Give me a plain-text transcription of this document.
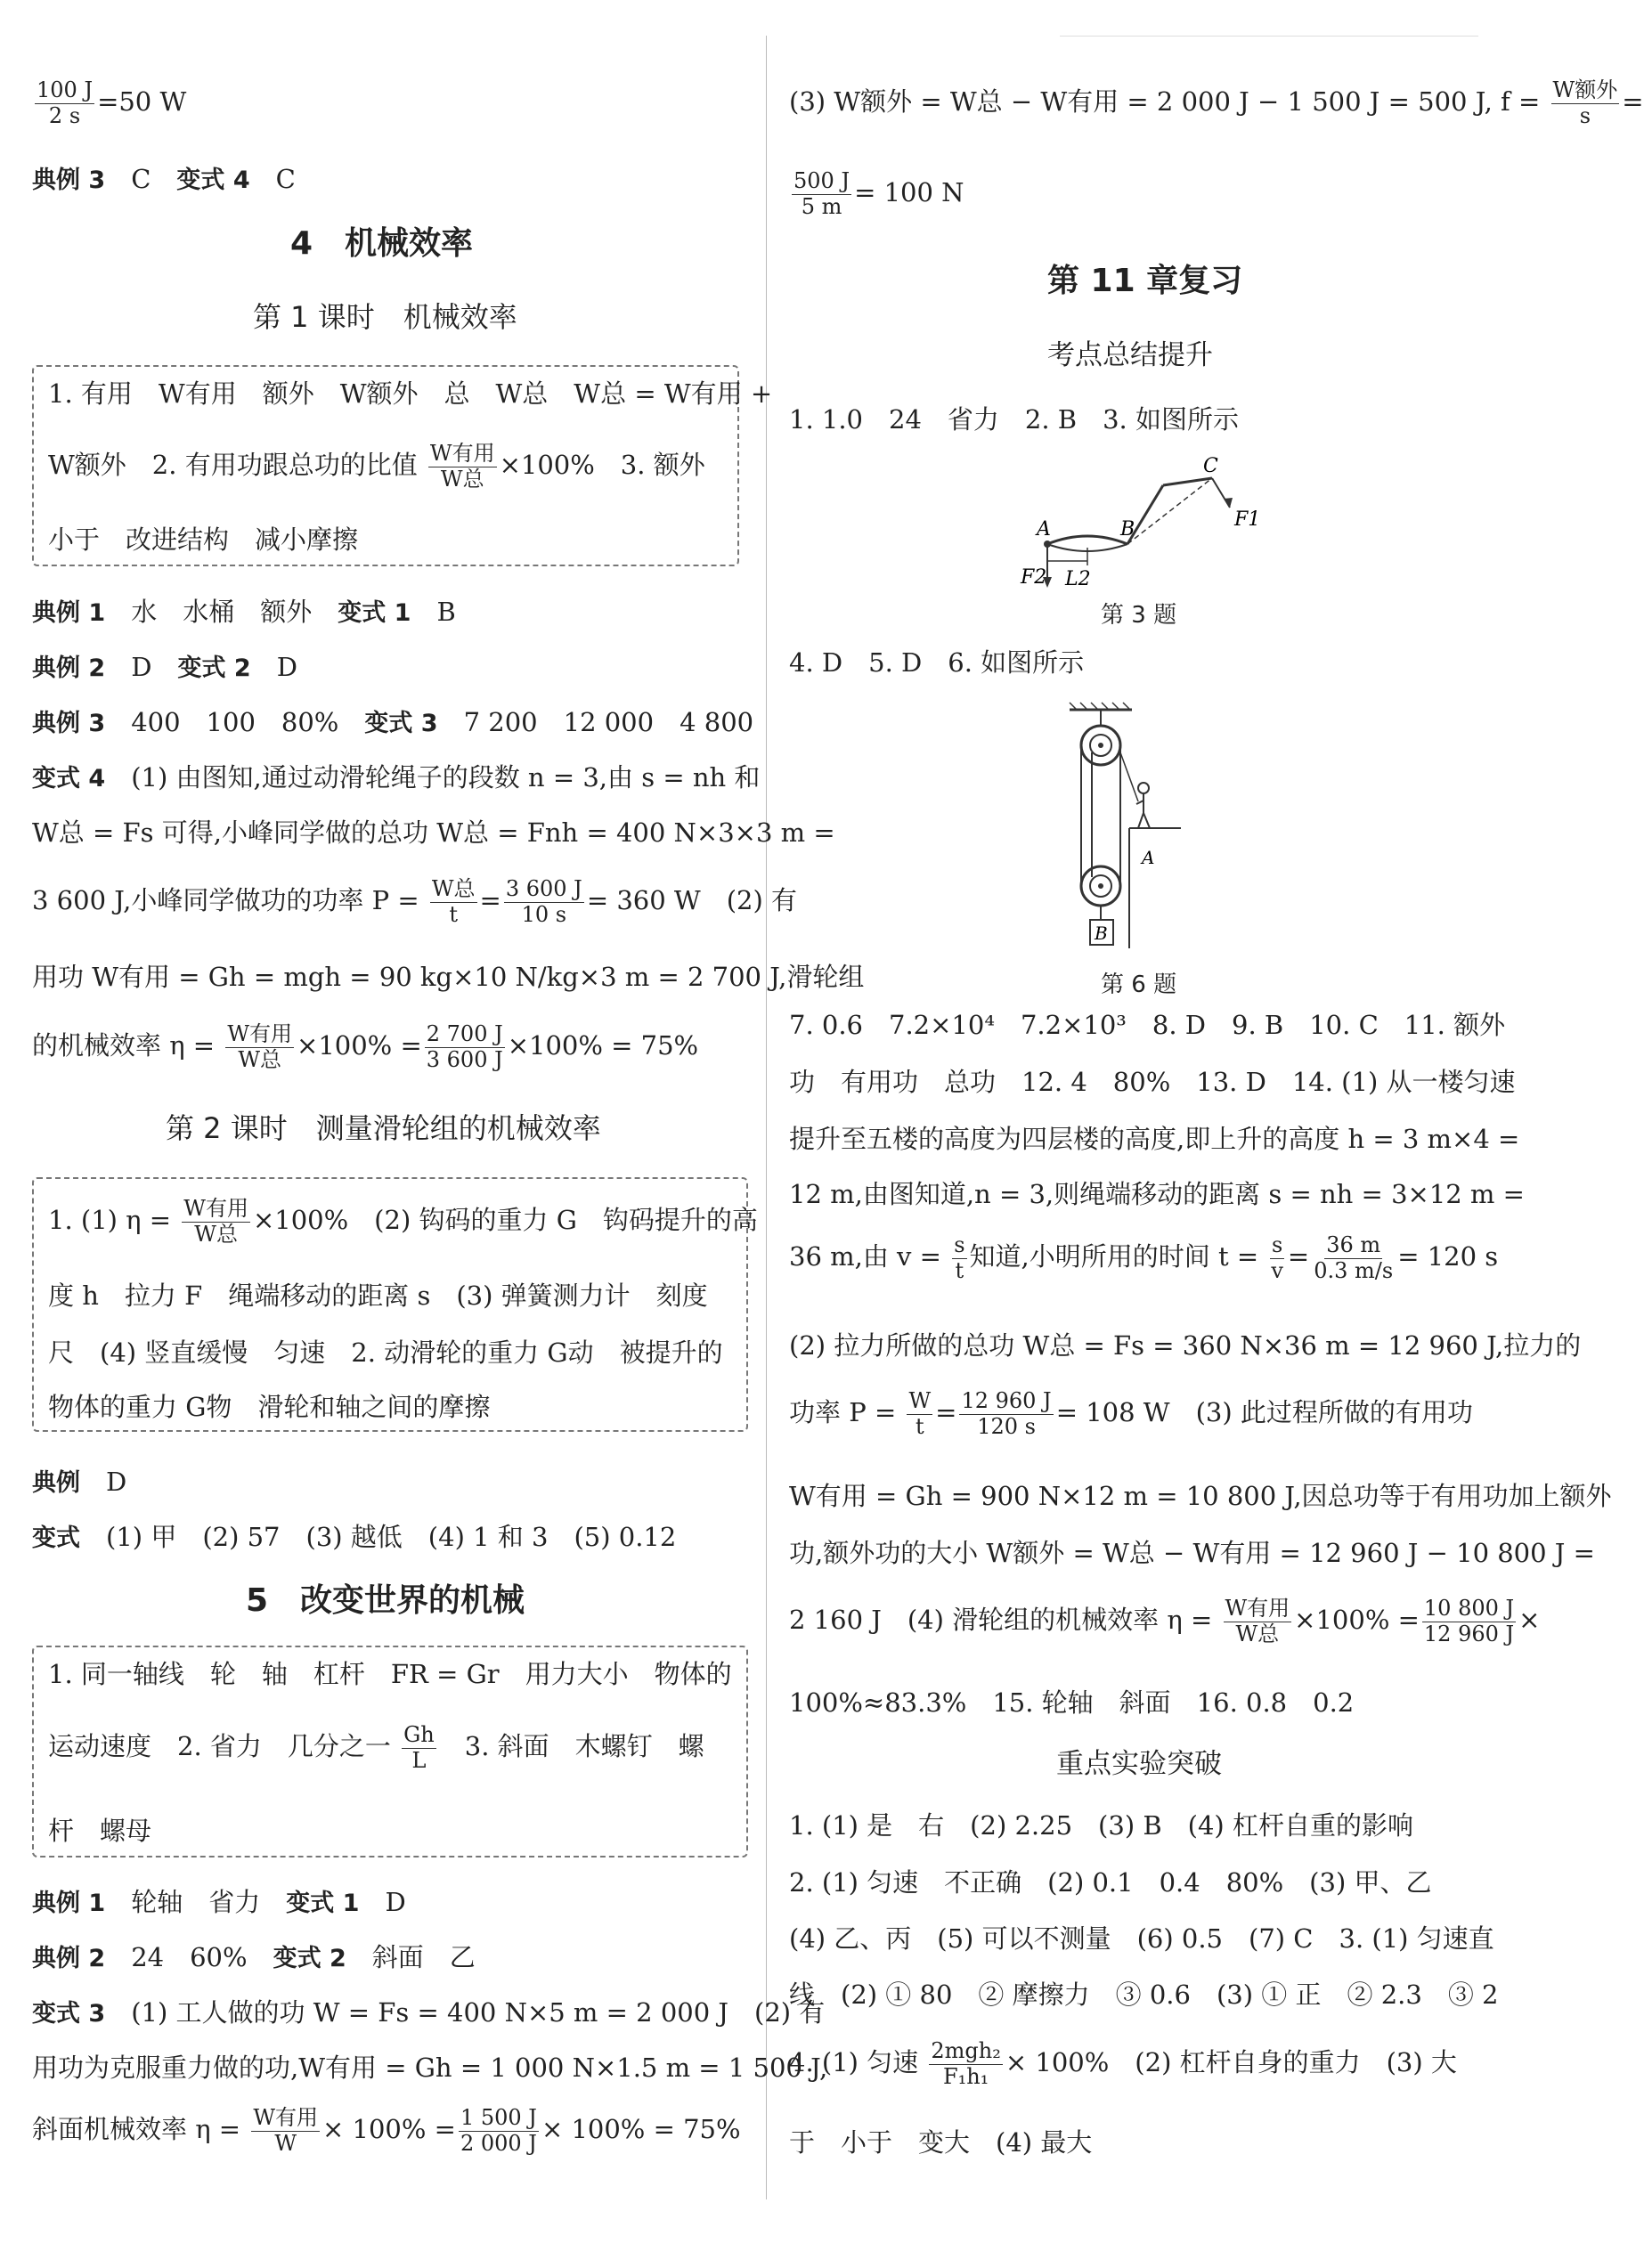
$\frac{100 J}{2 s} =50$ W
典例 3　 C　 变式 4　 C
4　机械效率
第 1 课时　机械效率
1. 有用　W有用　额外　W额外　总　W总　W总 = W有用 +
W额外　2. 有用功跟总功的比值 $\frac{\text{W有用}}{\text{W总}} \times 100\%$　3. 额外
小于　改进结构　减小摩擦
典例 1　 水　水桶　额外　 变式 1　 B
典例 2　 D　 变式 2　 D
典例 3　 400　100　80%　 变式 3　 7 200　12 000　4 800
变式 4　 (1) 由图知,通过动滑轮绳子的段数 n = 3,由 s = nh 和
W总 = Fs 可得,小峰同学做的总功 W总 = Fnh = 400 N×3×3 m =
3 600 J,小峰同学做功的功率 $P = \frac{\text{W总}}{t} = \frac{3 600 J}{10 s} = 360$ W　(2) 有
用功 W有用 = Gh = mgh = 90 kg×10 N/kg×3 m = 2 700 J,滑轮组
的机械效率 $\eta = \frac{\text{W有用}}{\text{W总}} \times 100\% = \frac{2 700 J}{3 600 J} \times 100\% = 75\%$
第 2 课时　测量滑轮组的机械效率
1. (1) $\eta = \frac{\text{W有用}}{\text{W总}} \times 100\%$　(2) 钩码的重力 G　钩码提升的高
度 h　拉力 F　绳端移动的距离 s　(3) 弹簧测力计　刻度
尺　(4) 竖直缓慢　匀速　2. 动滑轮的重力 G动　被提升的
物体的重力 G物　滑轮和轴之间的摩擦
典例　 D
变式　 (1) 甲　(2) 57　(3) 越低　(4) 1 和 3　(5) 0.12
5　改变世界的机械
1. 同一轴线　轮　轴　杠杆　FR = Gr　用力大小　物体的
运动速度　2. 省力　几分之一 $\frac{Gh}{L}$
　 3. 斜面　木螺钉　螺
杆　螺母
典例 1　 轮轴　省力　 变式 1　 D
典例 2　 24　60%　 变式 2　 斜面　乙
变式 3　 (1) 工人做的功 W = Fs = 400 N×5 m = 2 000 J　(2) 有
用功为克服重力做的功,W有用 = Gh = 1 000 N×1.5 m = 1 500 J,
斜面机械效率 $\eta = \frac{\text{W有用}}{W} \times 100\% = \frac{1 500 J}{2 000 J} \times 100\% = 75\%$
(3) W额外 = W总 − W有用 = 2 000 J − 1 500 J = 500 J, $f = \frac{\text{W额外}}{s}$ =
$\frac{500 J}{5 m} = 100$ N
第 11 章复习
考点总结提升
1. 1.0　24　省力　2. B　3. 如图所示
A	B
C
F1
F2 L2
第 3 题
4. D　5. D　6. 如图所示
B
A
第 6 题
7. 0.6　7.2×10⁴　7.2×10³　8. D　9. B　10. C　11. 额外
功　有用功　总功　12. 4　80%　13. D　14. (1) 从一楼匀速
提升至五楼的高度为四层楼的高度,即上升的高度 h = 3 m×4 =
12 m,由图知道,n = 3,则绳端移动的距离 s = nh = 3×12 m =
36 m,由 $v = \frac{s}{t}$ 知道,小明所用的时间 $t = \frac{s}{v} = \frac{36 m}{0.3 m/s} = 120$ s
(2) 拉力所做的总功 W总 = Fs = 360 N×36 m = 12 960 J,拉力的
功率 $P = \frac{W}{t} = \frac{12 960 J}{120 s} = 108$ W　(3) 此过程所做的有用功
W有用 = Gh = 900 N×12 m = 10 800 J,因总功等于有用功加上额外
功,额外功的大小 W额外 = W总 − W有用 = 12 960 J − 10 800 J =
2 160 J　(4) 滑轮组的机械效率 $\eta = \frac{\text{W有用}}{\text{W总}} \times 100\% = \frac{10 800 J}{12 960 J}$ ×
100%≈83.3%　15. 轮轴　斜面　16. 0.8　0.2
重点实验突破
1. (1) 是　右　(2) 2.25　(3) B　(4) 杠杆自重的影响
2. (1) 匀速　不正确　(2) 0.1　0.4　80%　(3) 甲、乙
(4) 乙、丙　(5) 可以不测量　(6) 0.5　(7) C　3. (1) 匀速直
线　(2) ① 80　② 摩擦力　③ 0.6　(3) ① 正　② 2.3　③ 2
4. (1) 匀速 $\frac{\text{2mgh₂}}{\text{F₁h₁}} \times 100\%$　(2) 杠杆自身的重力　(3) 大
于　小于　变大　(4) 最大
